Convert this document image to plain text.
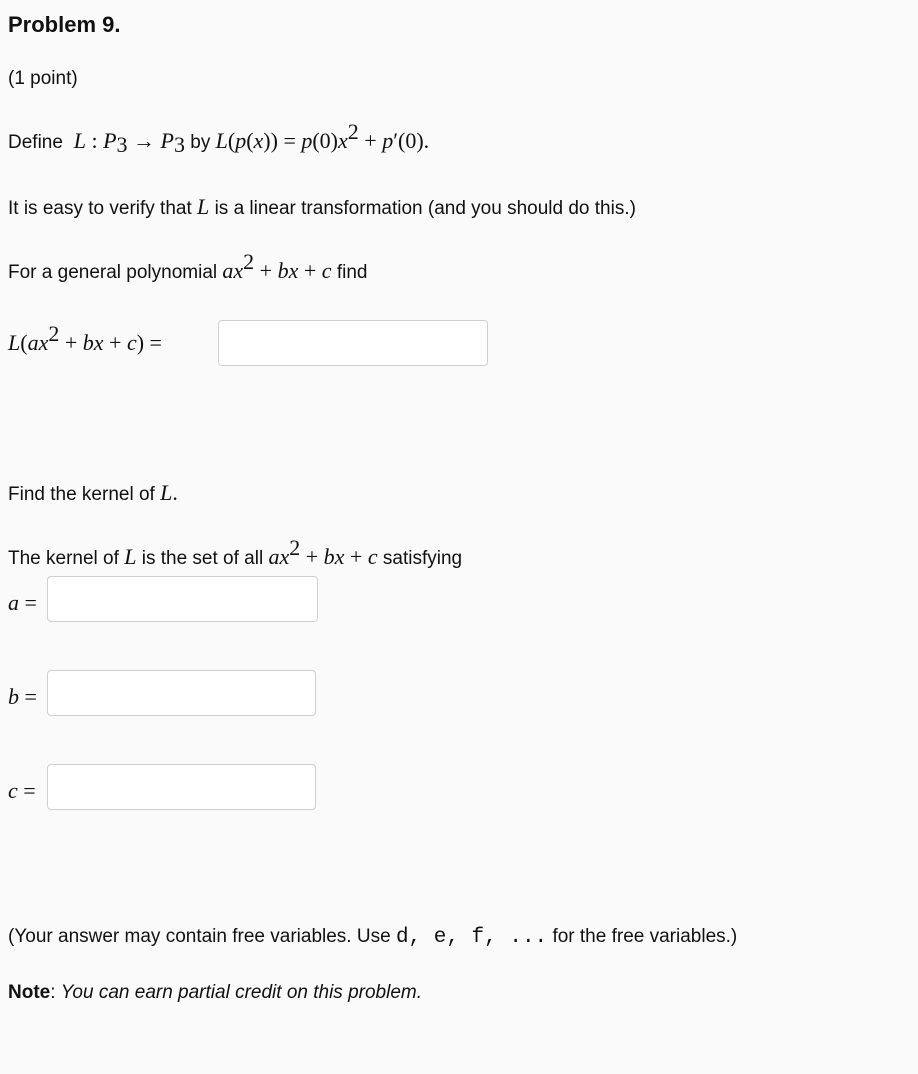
Problem 9.
(1 point)
Define  L : $P_3 \to P_3$ by $L(p(x)) = p(0)x^2 + p'(0)$.
It is easy to verify that L is a linear transformation (and you should do this.)
For a general polynomial $ax^2$ + bx + c find
$L(ax^2$ + bx + c) =
Find the kernel of L.
The kernel of L is the set of all $ax^2$ + bx + c satisfying
a =
b =
c =
(Your answer may contain free variables. Use d, e, f, ... for the free variables.)
Note: You can earn partial credit on this problem.
